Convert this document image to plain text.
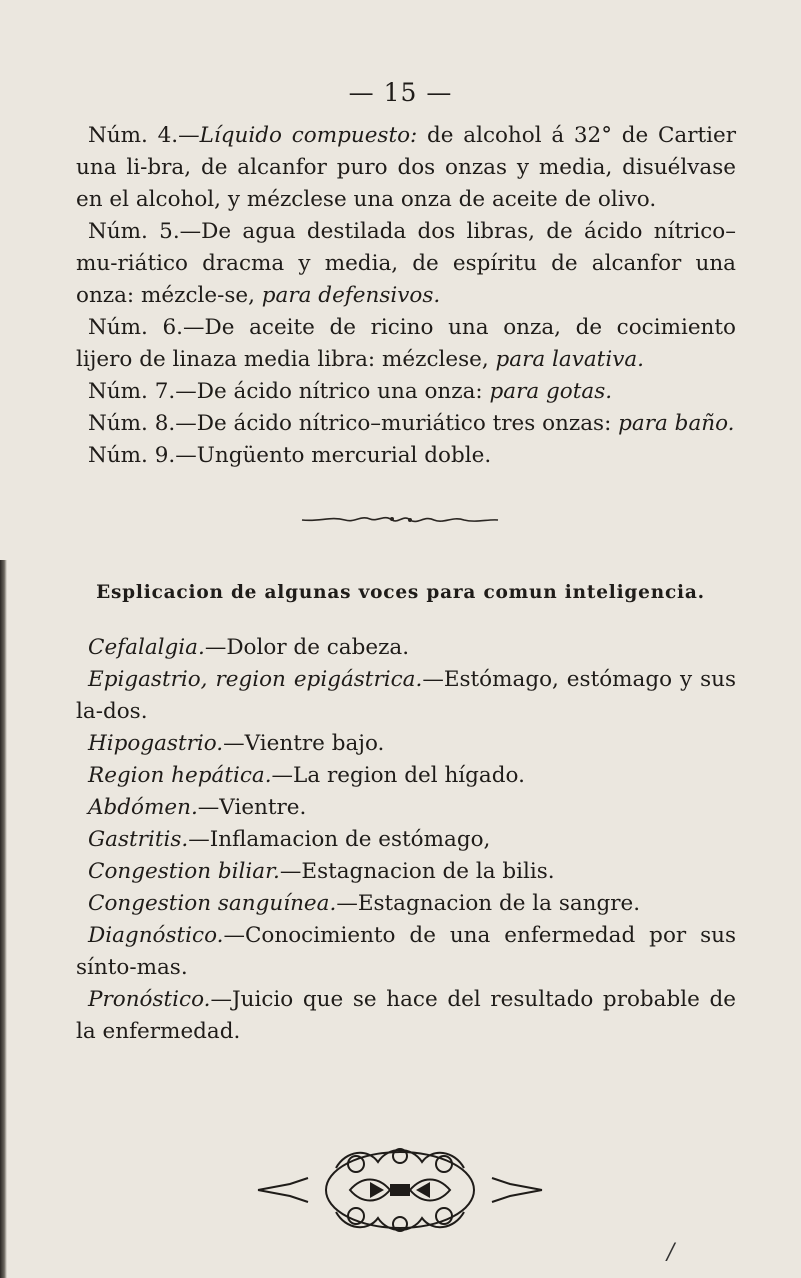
— 15 —

Núm. 4.—Líquido compuesto: de alcohol á 32° de Cartier una li-bra, de alcanfor puro dos onzas y media, disuélvase en el alcohol, y mézclese una onza de aceite de olivo.

Núm. 5.—De agua destilada dos libras, de ácido nítrico–mu-riático dracma y media, de espíritu de alcanfor una onza: mézcle-se, para defensivos.

Núm. 6.—De aceite de ricino una onza, de cocimiento lijero de linaza media libra: mézclese, para lavativa.

Núm. 7.—De ácido nítrico una onza: para gotas.

Núm. 8.—De ácido nítrico–muriático tres onzas: para baño.

Núm. 9.—Ungüento mercurial doble.

Esplicacion de algunas voces para comun inteligencia.

Cefalalgia.—Dolor de cabeza.

Epigastrio, region epigástrica.—Estómago, estómago y sus la-dos.

Hipogastrio.—Vientre bajo.

Region hepática.—La region del hígado.

Abdómen.—Vientre.

Gastritis.—Inflamacion de estómago,

Congestion biliar.—Estagnacion de la bilis.

Congestion sanguínea.—Estagnacion de la sangre.

Diagnóstico.—Conocimiento de una enfermedad por sus sínto-mas.

Pronóstico.—Juicio que se hace del resultado probable de la enfermedad.

/
